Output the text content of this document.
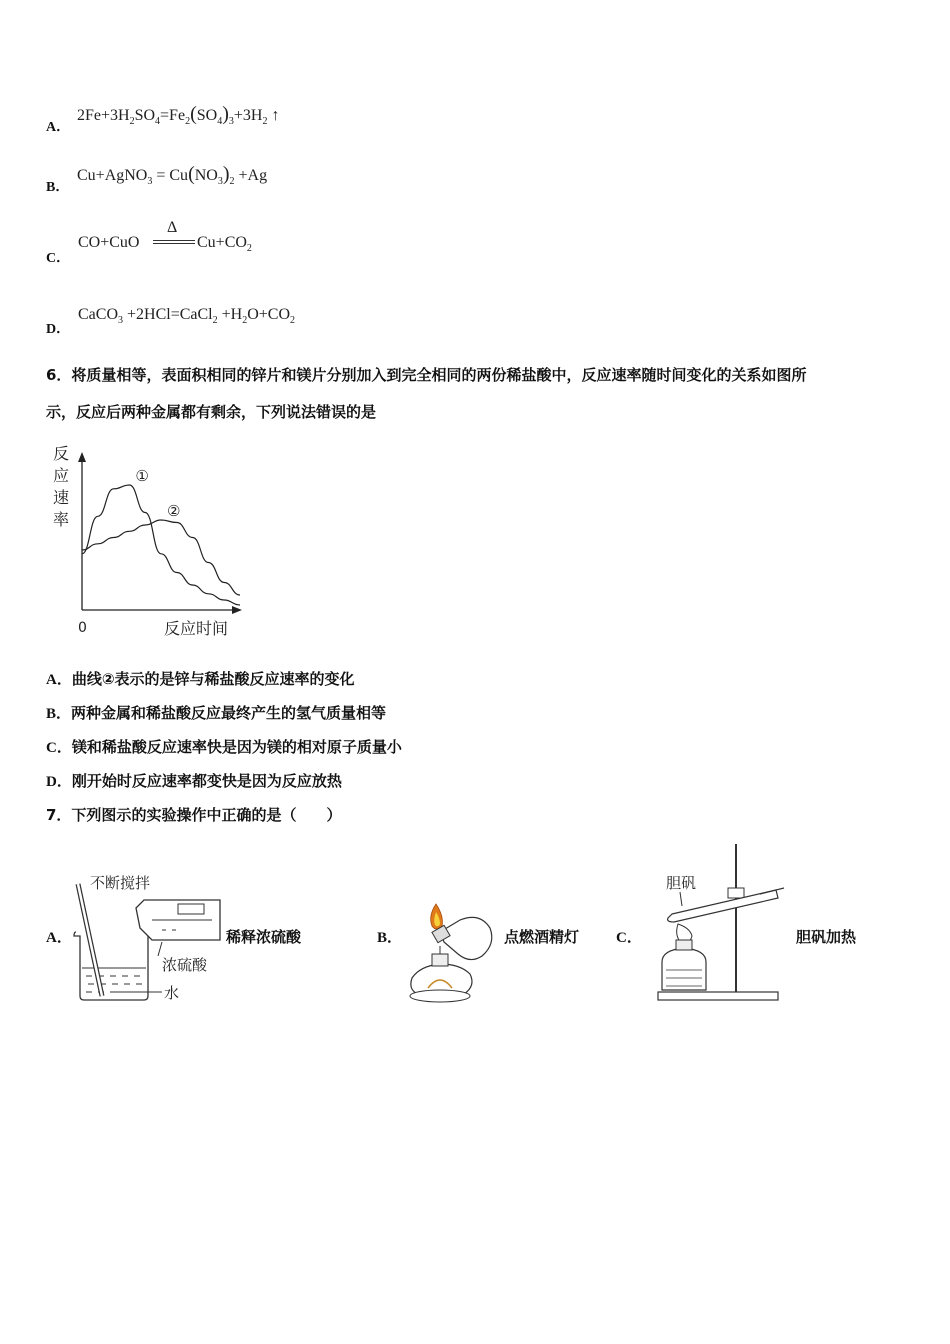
A．
$2Fe+3H_2SO_4=Fe_2(SO_4)_3+3H_2$ ↑
B．
Cu+AgNO$_3$ = $Cu(NO_3)_2 +Ag$
C．
CO+CuO
Δ
$Cu+CO_2$
D．
CaCO$_3$ +2HCl=CaCl$_2$ $+H_2O+CO_2$
6．将质量相等，表面积相同的锌片和镁片分别加入到完全相同的两份稀盐酸中，反应速率随时间变化的关系如图所
示，反应后两种金属都有剩余，下列说法错误的是
反
应
速
率
0	反应时间
①
②
A．曲线②表示的是锌与稀盐酸反应速率的变化
B．两种金属和稀盐酸反应最终产生的氢气质量相等
C．镁和稀盐酸反应速率快是因为镁的相对原子质量小
D．刚开始时反应速率都变快是因为反应放热
7．下列图示的实验操作中正确的是（　　）
A．
不断搅拌
浓硫酸
水
稀释浓硫酸	B．	点燃酒精灯 C．
胆矾
胆矾加热
